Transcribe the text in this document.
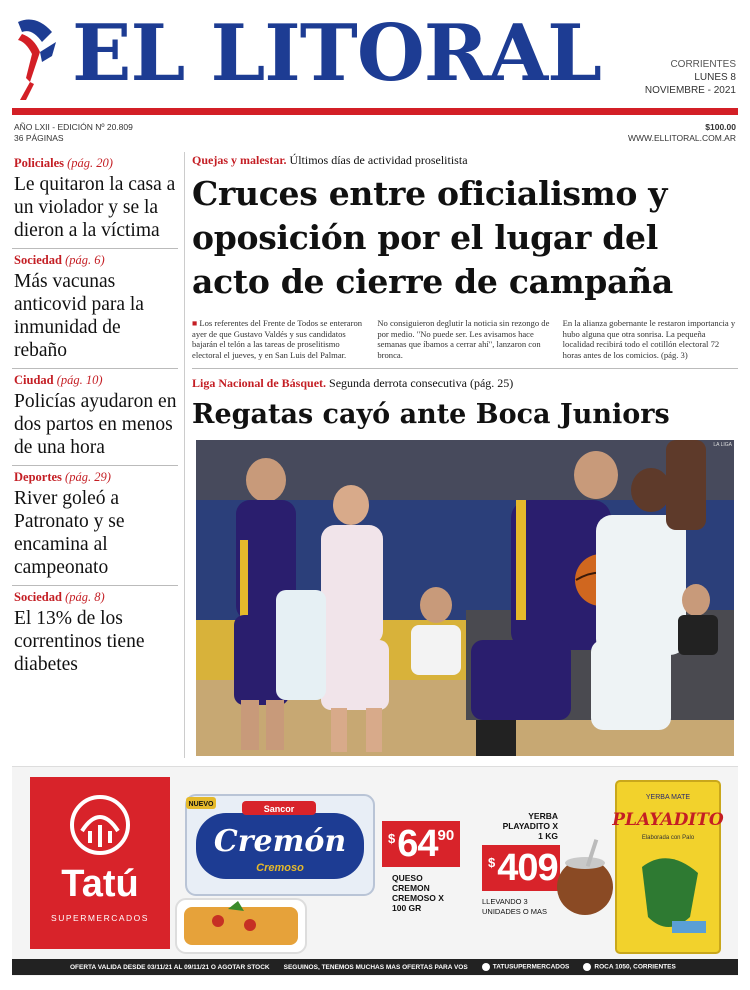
EL LITORAL	CORRIENTES
LUNES 8
NOVIEMBRE - 2021
AÑO LXII - EDICIÓN Nº 20.809
36 PÁGINAS
$100.00
WWW.ELLITORAL.COM.AR
Policiales (pág. 20)
Le quitaron la casa a un violador y se la dieron a la víctima
Sociedad (pág. 6)
Más vacunas anticovid para la inmunidad de rebaño
Ciudad (pág. 10)
Policías ayudaron en dos partos en menos de una hora
Deportes (pág. 29)
River goleó a Patronato y se encamina al campeonato
Sociedad (pág. 8)
El 13% de los correntinos tiene diabetes
Quejas y malestar. Últimos días de actividad proselitista
Cruces entre oficialismo y oposición por el lugar del acto de cierre de campaña
■ Los referentes del Frente de Todos se enteraron ayer de que Gustavo Valdés y sus candidatos bajarán el telón a las tareas de proselitismo electoral el jueves, y en San Luis del Palmar.
No consiguieron deglutir la noticia sin rezongo de por medio. "No puede ser. Les avisamos hace semanas que íbamos a cerrar ahí", lanzaron con bronca.
En la alianza gobernante le restaron importancia y hubo alguna que otra sonrisa. La pequeña localidad recibirá todo el cotillón electoral 72 horas antes de los comicios. (pág. 3)
Liga Nacional de Básquet. Segunda derrota consecutiva (pág. 25)
Regatas cayó ante Boca Juniors
LA LIGA
Tatú
SUPERMERCADOS
Sancor
NUEVO
Cremón
Cremoso
$6490
QUESO CREMON CREMOSO X 100 GR
YERBA PLAYADITO X 1 KG
$409
LLEVANDO 3 UNIDADES O MAS
YERBA MATE
PLAYADITO
Elaborada con Palo
OFERTA VALIDA DESDE 03/11/21 AL 09/11/21 O AGOTAR STOCK SEGUINOS, TENEMOS MUCHAS MAS OFERTAS PARA VOS	TATUSUPERMERCADOS	ROCA 1050, CORRIENTES
